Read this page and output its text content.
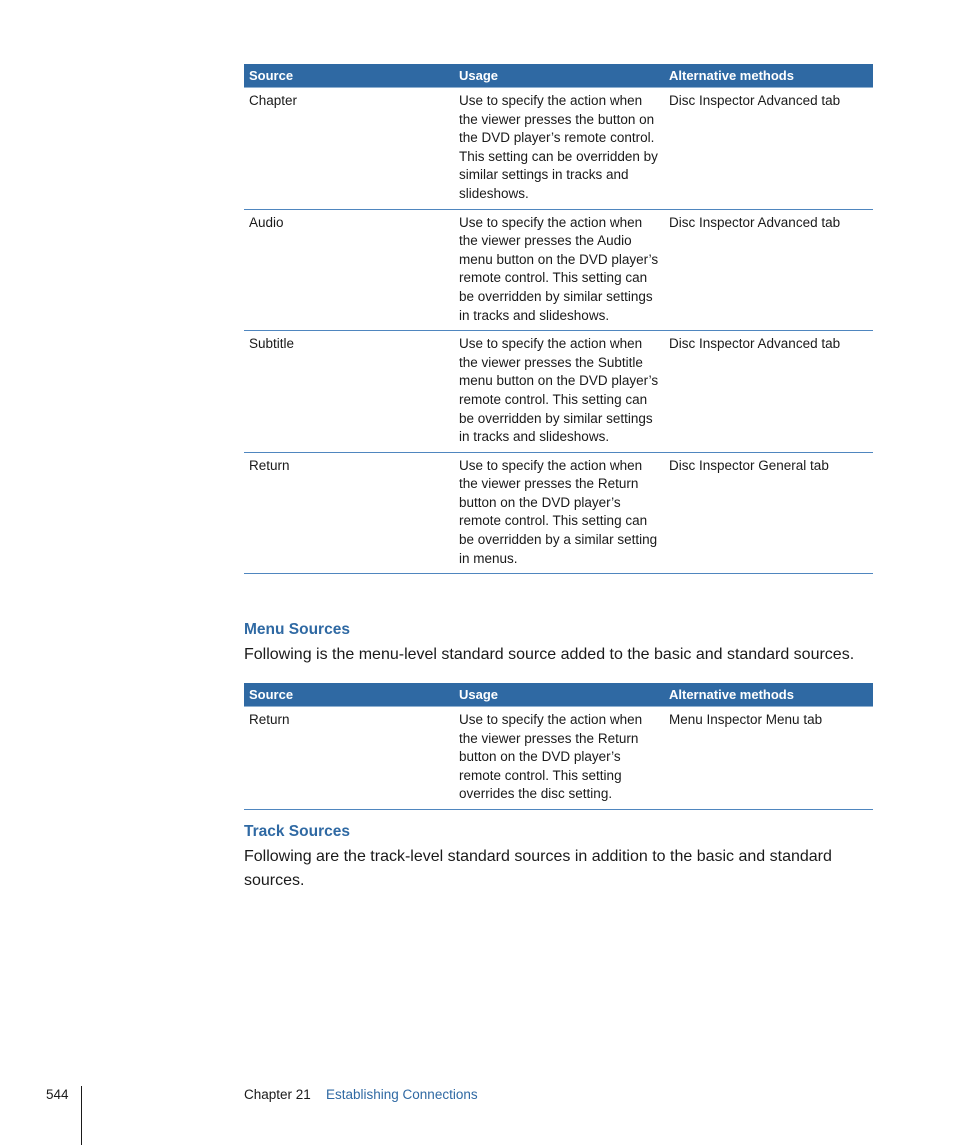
Source	Usage	Alternative methods
Chapter	Use to specify the action when the viewer presses the button on the DVD player’s remote control. This setting can be overridden by similar settings in tracks and slideshows.	Disc Inspector Advanced tab
Audio	Use to specify the action when the viewer presses the Audio menu button on the DVD player’s remote control. This setting can be overridden by similar settings in tracks and slideshows.	Disc Inspector Advanced tab
Subtitle	Use to specify the action when the viewer presses the Subtitle menu button on the DVD player’s remote control. This setting can be overridden by similar settings in tracks and slideshows.	Disc Inspector Advanced tab
Return	Use to specify the action when the viewer presses the Return button on the DVD player’s remote control. This setting can be overridden by a similar setting in menus.	Disc Inspector General tab
Menu Sources

Following is the menu-level standard source added to the basic and standard sources.

Source	Usage	Alternative methods
Return	Use to specify the action when the viewer presses the Return button on the DVD player’s remote control. This setting overrides the disc setting.	Menu Inspector Menu tab
Track Sources

Following are the track-level standard sources in addition to the basic and standard sources.

544	Chapter 21 Establishing Connections
